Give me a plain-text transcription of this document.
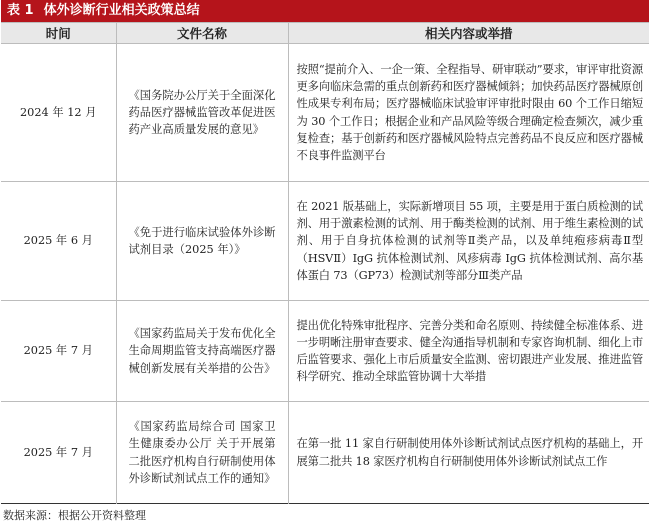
表 1 体外诊断行业相关政策总结
时间	文件名称	相关内容或举措
2024 年 12 月	《国务院办公厅关于全面深化药品医疗器械监管改革促进医药产业高质量发展的意见》	按照“提前介入、一企一策、全程指导、研审联动”要求，审评审批资源更多向临床急需的重点创新药和医疗器械倾斜；加快药品医疗器械原创性成果专利布局；医疗器械临床试验审评审批时限由 60 个工作日缩短为 30 个工作日；根据企业和产品风险等级合理确定检查频次，减少重复检查；基于创新药和医疗器械风险特点完善药品不良反应和医疗器械不良事件监测平台
2025 年 6 月	《免于进行临床试验体外诊断试剂目录（2025 年）》	在 2021 版基础上，实际新增项目 55 项，主要是用于蛋白质检测的试剂、用于激素检测的试剂、用于酶类检测的试剂、用于维生素检测的试剂、用于自身抗体检测的试剂等Ⅱ类产品，以及单纯疱疹病毒Ⅱ型（HSVⅡ）IgG 抗体检测试剂、风疹病毒 IgG 抗体检测试剂、高尔基体蛋白 73（GP73）检测试剂等部分Ⅲ类产品
2025 年 7 月	《国家药监局关于发布优化全生命周期监管支持高端医疗器械创新发展有关举措的公告》	提出优化特殊审批程序、完善分类和命名原则、持续健全标准体系、进一步明晰注册审查要求、健全沟通指导机制和专家咨询机制、细化上市后监管要求、强化上市后质量安全监测、密切跟进产业发展、推进监管科学研究、推动全球监管协调十大举措
2025 年 7 月	《国家药监局综合司 国家卫生健康委办公厅 关于开展第二批医疗机构自行研制使用体外诊断试剂试点工作的通知》	在第一批 11 家自行研制使用体外诊断试剂试点医疗机构的基础上，开展第二批共 18 家医疗机构自行研制使用体外诊断试剂试点工作
数据来源：根据公开资料整理
